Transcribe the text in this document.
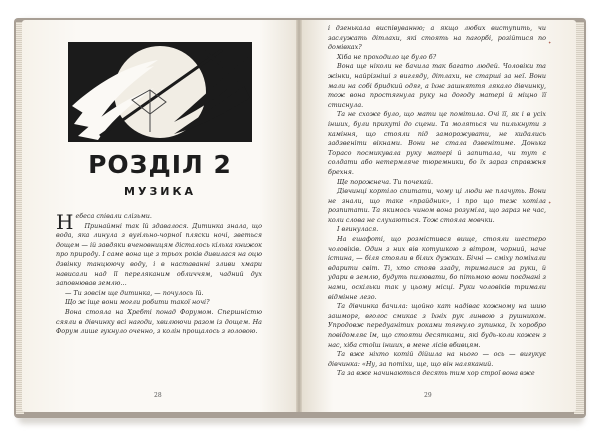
✦
✦
РОЗДІЛ 2
МУЗИКА

Небеса співали слізьми.

Принаймні так їй здавалося. Дитинка знала, що вода, яка линула з вугільно-чорної пляски ночі, зветься дощем — ій завдяки вченовницям дісталось кілька книжок про природу. І саме вона ще з трьох років дивилася на оцю дзвінку танцюючу воду, і в наставанні зливи хмари нависали над її переляканим обличчям, чадний дух заповнював землю…

— Ти зовсім ще дитинка, — почулось їй.

Що ж іще вони могли робити такої ночі?

Вона стояла на Хребті понад Форумом. Спершністю сяяли в дівчинку всі нагоди, хвилюючи разом із дощем. На Форум лише гукнуло оченно, з колін прощалось з головою.

28

і дзенькала виспівуванню; а якщо любих виступить, чи заслужать дітлахи, які стоять на пагорбі, розійтися по домівках?

Хіба не проходило це було б?

Вона ще ніколи не бачила так багато людей. Чоловіки та жінки, найрізніші з вигляду, дітлахи, не старші за неї. Вони мали на собі бридкий одяг, а їхнє зашняття лякало дівчинку, тож вона простягнула руку на догоду матері й міцно її стиснула.

Та не схоже було, що мати це помітила. Очі її, як і в усіх інших, були прикуті до сцени. Та моляться чи пилькнути з каміння, що стояли під заморожувати, не кидались задзвеніти вікнами. Вони не стала дзвенітиме. Донька Торасо посмикувала руку матері й запитала, чи тут є солдати або нетермляче тюремники, бо їх зараз справжня брехня.

Ще порожнеча. Ти почекай.

Дівчинці кортіло спитати, чому ці люди не плачуть. Вони не знали, що таке «прайдник», і про що теж хотіла розпитати. Та якимось чином вона розуміла, що зараз не час, коли слова не слухаються. Тож стояла мовчки.

І вгинулася.

На ешафоті, що розмістився вище, стояли шестеро чоловіків. Один з них вів котушкою з вітром, чорний, наче істина, — біля стояли в білих дужках. Бічні — сміху поміхали вдарити світ. Ті, хто стояв ззаду, трималися за руки, й удари в землю, будуть пилювати, бо пітьмою вони поєднані з нами, оскільки так у цьому місці. Руки чоловіків тримали відмінне лезо.

Та дівчинка бачила: щойно кат надіває кожному на шию зашморг, вголос смикає з їхніх рук линвою з рушником. Упродовж передуанітих роками тягнуло зупинка, їх хоробро повідомляє їм, що стояти десятками, які будь-коли кожен з нас, хіба стоїш інших, в мене лісів вбивцям.

Та вже ніхто котій дійшла на нього — ось — вигукує дівчинка: «Ну, за потіхи, ще, що він наляканий.

Та за вже начинаються десять тим хор строї вона вже

29
